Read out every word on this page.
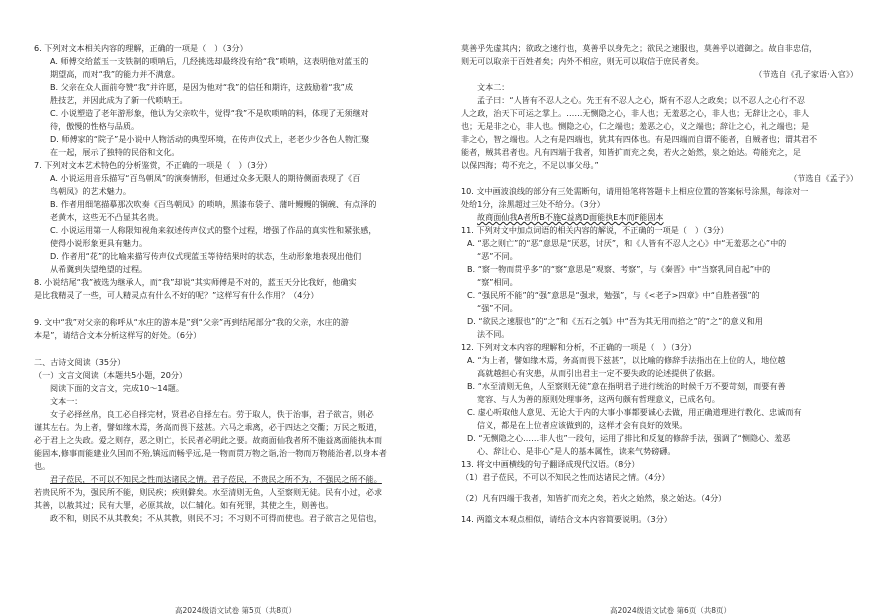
6. 下列对文本相关内容的理解，正确的一项是（　）（3分）
A. 师傅交给蓝玉一支铁制的唢呐后，几经挑选却最终没有给“我”唢呐，这表明他对蓝玉的
期望高，而对“我”的能力并不满意。
B. 父亲在众人面前夸赞“我”并许愿，是因为他对“我”的信任和期许，这鼓励着“我”成
胜技艺，并因此成为了新一代唢呐王。
C. 小说塑造了老年游形象，他认为父亲吹牛，觉得“我”不是吹唢呐的料，体现了无须继对
待，傲慢的性格与品质。
D. 师傅家的“院子”是小说中人物活动的典型环境，在传声仪式上，老老少少各色人物汇聚
在一起，展示了独特的民俗和文化。
7. 下列对文本艺术特色的分析鉴赏，不正确的一项是（　）（3分）
A. 小说运用音乐描写“百鸟朝凤”的演奏情形，但通过众多无限人的期待侧面表现了《百
鸟朝凤》的艺术魅力。
B. 作者用细笔描摹那次吹奏《百鸟朝凤》的唢呐，黑漆布袋子、蒲叶鳗鳗的铜碗、有点泽的
老黄木，这些无不凸显其名贵。
C. 小说运用第一人称限知视角来叙述传声仪式的整个过程，增强了作品的真实性和紧张感，
使得小说形象更具有魅力。
D. 作者用“花”的比喻来描写传声仪式现蓝玉等待结果时的状态，生动形象地表现出他们
从希冀到失望绝望的过程。
8. 小说结尾“我”被选为继承人，而“我”却说“其实师傅是不对的，蓝玉天分比我好，他确实
是比我精灵了一些，可人精灵点有什么不好的呢？”这样写有什么作用？（4分）
9. 文中“我”对父亲的称呼从“水庄的游本是”到“父亲”再到结尾部分“我的父亲，水庄的游
本是”，请结合文本分析这样写的好处。（6分）
二、古诗文阅读（35分）
（一）文言文阅读（本题共5小题，20分）
阅读下面的文言文，完成10～14题。
文本一：
女子必择丝帛，良工必自择完材，贤君必自择左右。劳于取人，佚于治事，君子欲言，则必
谨其左右。为上者，譬如缘木焉，务高而畏下兹甚。六马之乖离，必于四达之交衢；万民之叛道，
必于君上之失政。爱之则存，恶之则亡，长民者必明此之要。故商面仙我者所不施益离面能执本而
能固本,修事而能建业久国而不殆,镇远而畅乎远,是一物而贯万物之诣,治一物而万物能治者,以身本者
也。
君子莅民，不可以不知民之性而达诸民之情。君子莅民，不贵民之所不为，不强民之所不能。
若贵民所不为，强民所不能，则民疾；疾则僻矣。水至清则无鱼，人至察则无徒。民有小过，必求
其善，以赦其过；民有大罪，必原其故，以仁辅化。如有死罪，其使之生，则善也。
政不和，则民不从其教矣；不从其教，则民不习；不习则不可得而使也。君子欲言之见信也，
高2024级语文试卷 第5页（共8页）
莫善乎先虚其内；欲政之速行也，莫善乎以身先之；欲民之速服也，莫善乎以道御之。故自非忠信，
则无可以取亲于百姓者矣；内外不相应，则无可以取信于庶民者矣。
（节选自《孔子家语·入官》）
文本二：
孟子曰：“人皆有不忍人之心。先王有不忍人之心，斯有不忍人之政矣；以不忍人之心行不忍
人之政，治天下可运之掌上。……无恻隐之心，非人也；无羞恶之心，非人也；无辞让之心，非人
也；无是非之心，非人也。恻隐之心，仁之端也；羞恶之心，义之端也；辞让之心，礼之端也；是
非之心，智之端也。人之有是四端也，犹其有四体也。有是四端而自谓不能者，自贼者也；谓其君不
能者，贼其君者也。凡有四端于我者，知皆扩而充之矣，若火之始然，泉之始达。苟能充之，足
以保四海；苟不充之，不足以事父母。”
（节选自《孟子》）
10. 文中画波浪线的部分有三处需断句，请用铅笔将答题卡上相应位置的答案标号涂黑，每涂对一
处给1分，涂黑超过三处不给分。（3分）
故商面仙我A者所B不施C益离D面能执E本而F能固本
11. 下列对文中加点词语的相关内容的解说，不正确的一项是（　）（3分）
A. “恶之则亡”的“恶”意思是“厌恶，讨厌”，和《人皆有不忍人之心》中“无羞恶之心”中的
“恶”不同。
B. “察一物而贯乎多”的“察”意思是“观察、考察”，与《秦晋》中“当察乳同自起”中的
“察”相同。
C. “强民所不能”的“强”意思是“强求，勉强”，与《<老子>四章》中“自胜者强”的
“强”不同。
D. “欲民之速服也”的“之”和《五石之瓠》中“吾为其无用而掊之”的“之”的意义和用
法不同。
12. 下列对文本内容的理解和分析，不正确的一项是（　）（3分）
A. “为上者，譬如缘木焉，务高而畏下兹甚”，以比喻的修辞手法指出在上位的人，地位越
高就越担心有灾患，从而引出君主一定不要失政的论述提供了依据。
B. “水至清则无鱼，人至察则无徒”意在指明君子进行统治的时候千万不要苛刻，而要有善
宽容、与人为善的原则处理事务，这两句颇有哲理意义，已成名句。
C. 虚心听取他人意见、无论大于内的大事小事都要诚心去做，用正确道理进行教化、忠诚而有
信义，都是在上位者应该做到的，这样才会有良好的效果。
D. “无恻隐之心……非人也”一段句，运用了排比和反复的修辞手法，强调了“恻隐心、羞恶
心、辞让心、是非心”是人的基本属性，读来气势磅礴。
13. 将文中画横线的句子翻译成现代汉语。（8分）
（1）君子莅民，不可以不知民之性而达诸民之情。（4分）
（2）凡有四端于我者，知皆扩而充之矣，若火之始然，泉之始达。（4分）
14. 两篇文本观点相似，请结合文本内容简要说明。（3分）
高2024级语文试卷 第6页（共8页）
